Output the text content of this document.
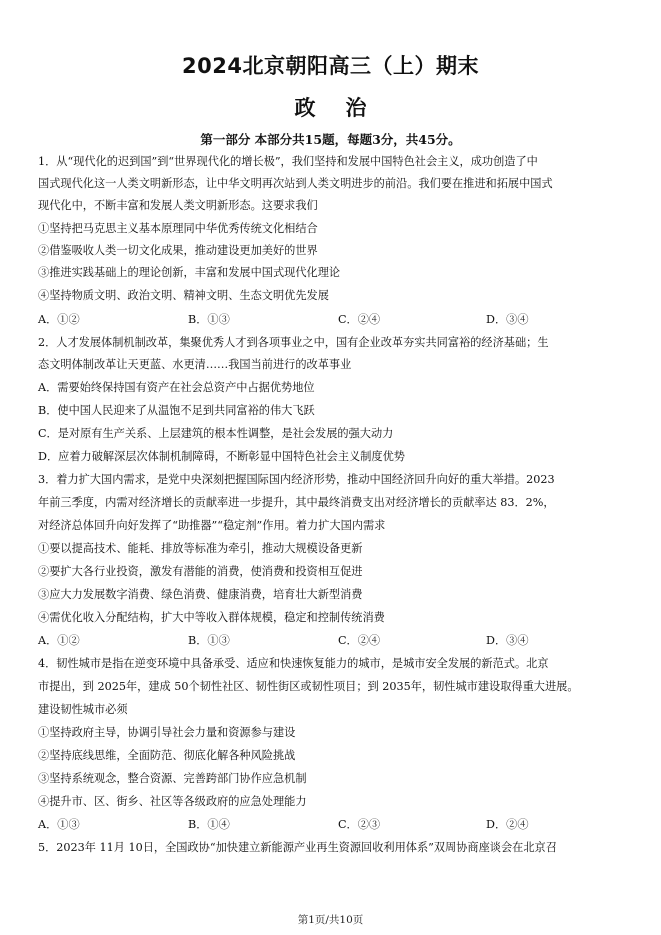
2024北京朝阳高三（上）期末
政治
第一部分 本部分共15题，每题3分，共45分。
1．从“现代化的迟到国”到“世界现代化的增长极”，我们坚持和发展中国特色社会主义，成功创造了中
国式现代化这一人类文明新形态，让中华文明再次站到人类文明进步的前沿。我们要在推进和拓展中国式
现代化中，不断丰富和发展人类文明新形态。这要求我们
①坚持把马克思主义基本原理同中华优秀传统文化相结合
②借鉴吸收人类一切文化成果，推动建设更加美好的世界
③推进实践基础上的理论创新，丰富和发展中国式现代化理论
④坚持物质文明、政治文明、精神文明、生态文明优先发展
A．①②	B．①③	C．②④	D．③④
2．人才发展体制机制改革，集聚优秀人才到各项事业之中，国有企业改革夯实共同富裕的经济基础；生
态文明体制改革让天更蓝、水更清……我国当前进行的改革事业
A．需要始终保持国有资产在社会总资产中占据优势地位
B．使中国人民迎来了从温饱不足到共同富裕的伟大飞跃
C．是对原有生产关系、上层建筑的根本性调整，是社会发展的强大动力
D．应着力破解深层次体制机制障碍，不断彰显中国特色社会主义制度优势
3．着力扩大国内需求，是党中央深刻把握国际国内经济形势，推动中国经济回升向好的重大举措。2023
年前三季度，内需对经济增长的贡献率进一步提升，其中最终消费支出对经济增长的贡献率达 83．2%，
对经济总体回升向好发挥了“助推器”“稳定剂”作用。着力扩大国内需求
①要以提高技术、能耗、排放等标准为牵引，推动大规模设备更新
②要扩大各行业投资，激发有潜能的消费，使消费和投资相互促进
③应大力发展数字消费、绿色消费、健康消费，培育壮大新型消费
④需优化收入分配结构，扩大中等收入群体规模，稳定和控制传统消费
A．①②	B．①③	C．②④	D．③④
4．韧性城市是指在逆变环境中具备承受、适应和快速恢复能力的城市，是城市安全发展的新范式。北京
市提出，到 2025年，建成 50个韧性社区、韧性街区或韧性项目；到 2035年，韧性城市建设取得重大进展。
建设韧性城市必须
①坚持政府主导，协调引导社会力量和资源参与建设
②坚持底线思维，全面防范、彻底化解各种风险挑战
③坚持系统观念，整合资源、完善跨部门协作应急机制
④提升市、区、街乡、社区等各级政府的应急处理能力
A．①③	B．①④	C．②③	D．②④
5．2023年 11月 10日，全国政协“加快建立新能源产业再生资源回收利用体系”双周协商座谈会在北京召
第1页/共10页
